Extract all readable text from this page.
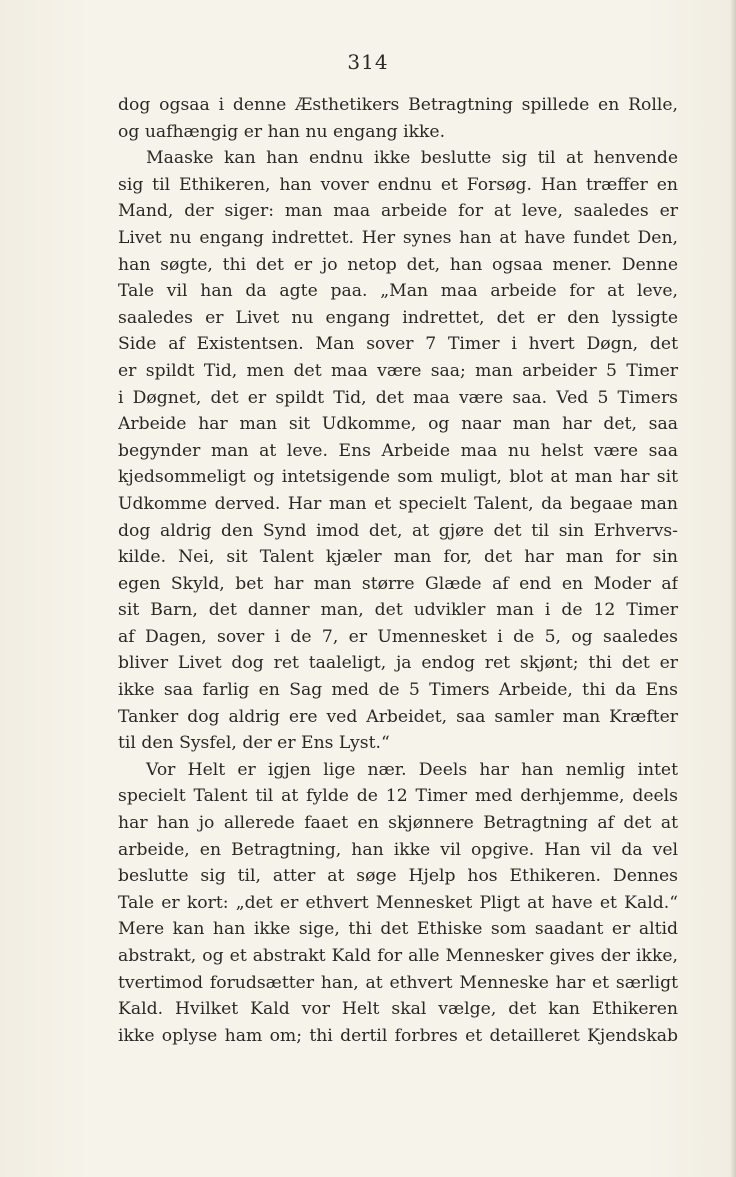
314
dog ogsaa i denne Æsthetikers Betragtning spillede en Rolle,
og uafhængig er han nu engang ikke.
Maaske kan han endnu ikke beslutte sig til at henvende
sig til Ethikeren, han vover endnu et Forsøg. Han træffer en
Mand, der siger: man maa arbeide for at leve, saaledes er
Livet nu engang indrettet. Her synes han at have fundet Den,
han søgte, thi det er jo netop det, han ogsaa mener. Denne
Tale vil han da agte paa. „Man maa arbeide for at leve,
saaledes er Livet nu engang indrettet, det er den lyssigte
Side af Existentsen. Man sover 7 Timer i hvert Døgn, det
er spildt Tid, men det maa være saa; man arbeider 5 Timer
i Døgnet, det er spildt Tid, det maa være saa. Ved 5 Timers
Arbeide har man sit Udkomme, og naar man har det, saa
begynder man at leve. Ens Arbeide maa nu helst være saa
kjedsommeligt og intetsigende som muligt, blot at man har sit
Udkomme derved. Har man et specielt Talent, da begaae man
dog aldrig den Synd imod det, at gjøre det til sin Erhvervs-
kilde. Nei, sit Talent kjæler man for, det har man for sin
egen Skyld, bet har man større Glæde af end en Moder af
sit Barn, det danner man, det udvikler man i de 12 Timer
af Dagen, sover i de 7, er Umennesket i de 5, og saaledes
bliver Livet dog ret taaleligt, ja endog ret skjønt; thi det er
ikke saa farlig en Sag med de 5 Timers Arbeide, thi da Ens
Tanker dog aldrig ere ved Arbeidet, saa samler man Kræfter
til den Sysfel, der er Ens Lyst.“
Vor Helt er igjen lige nær. Deels har han nemlig intet
specielt Talent til at fylde de 12 Timer med derhjemme, deels
har han jo allerede faaet en skjønnere Betragtning af det at
arbeide, en Betragtning, han ikke vil opgive. Han vil da vel
beslutte sig til, atter at søge Hjelp hos Ethikeren. Dennes
Tale er kort: „det er ethvert Mennesket Pligt at have et Kald.“
Mere kan han ikke sige, thi det Ethiske som saadant er altid
abstrakt, og et abstrakt Kald for alle Mennesker gives der ikke,
tvertimod forudsætter han, at ethvert Menneske har et særligt
Kald. Hvilket Kald vor Helt skal vælge, det kan Ethikeren
ikke oplyse ham om; thi dertil forbres et detailleret Kjendskab
